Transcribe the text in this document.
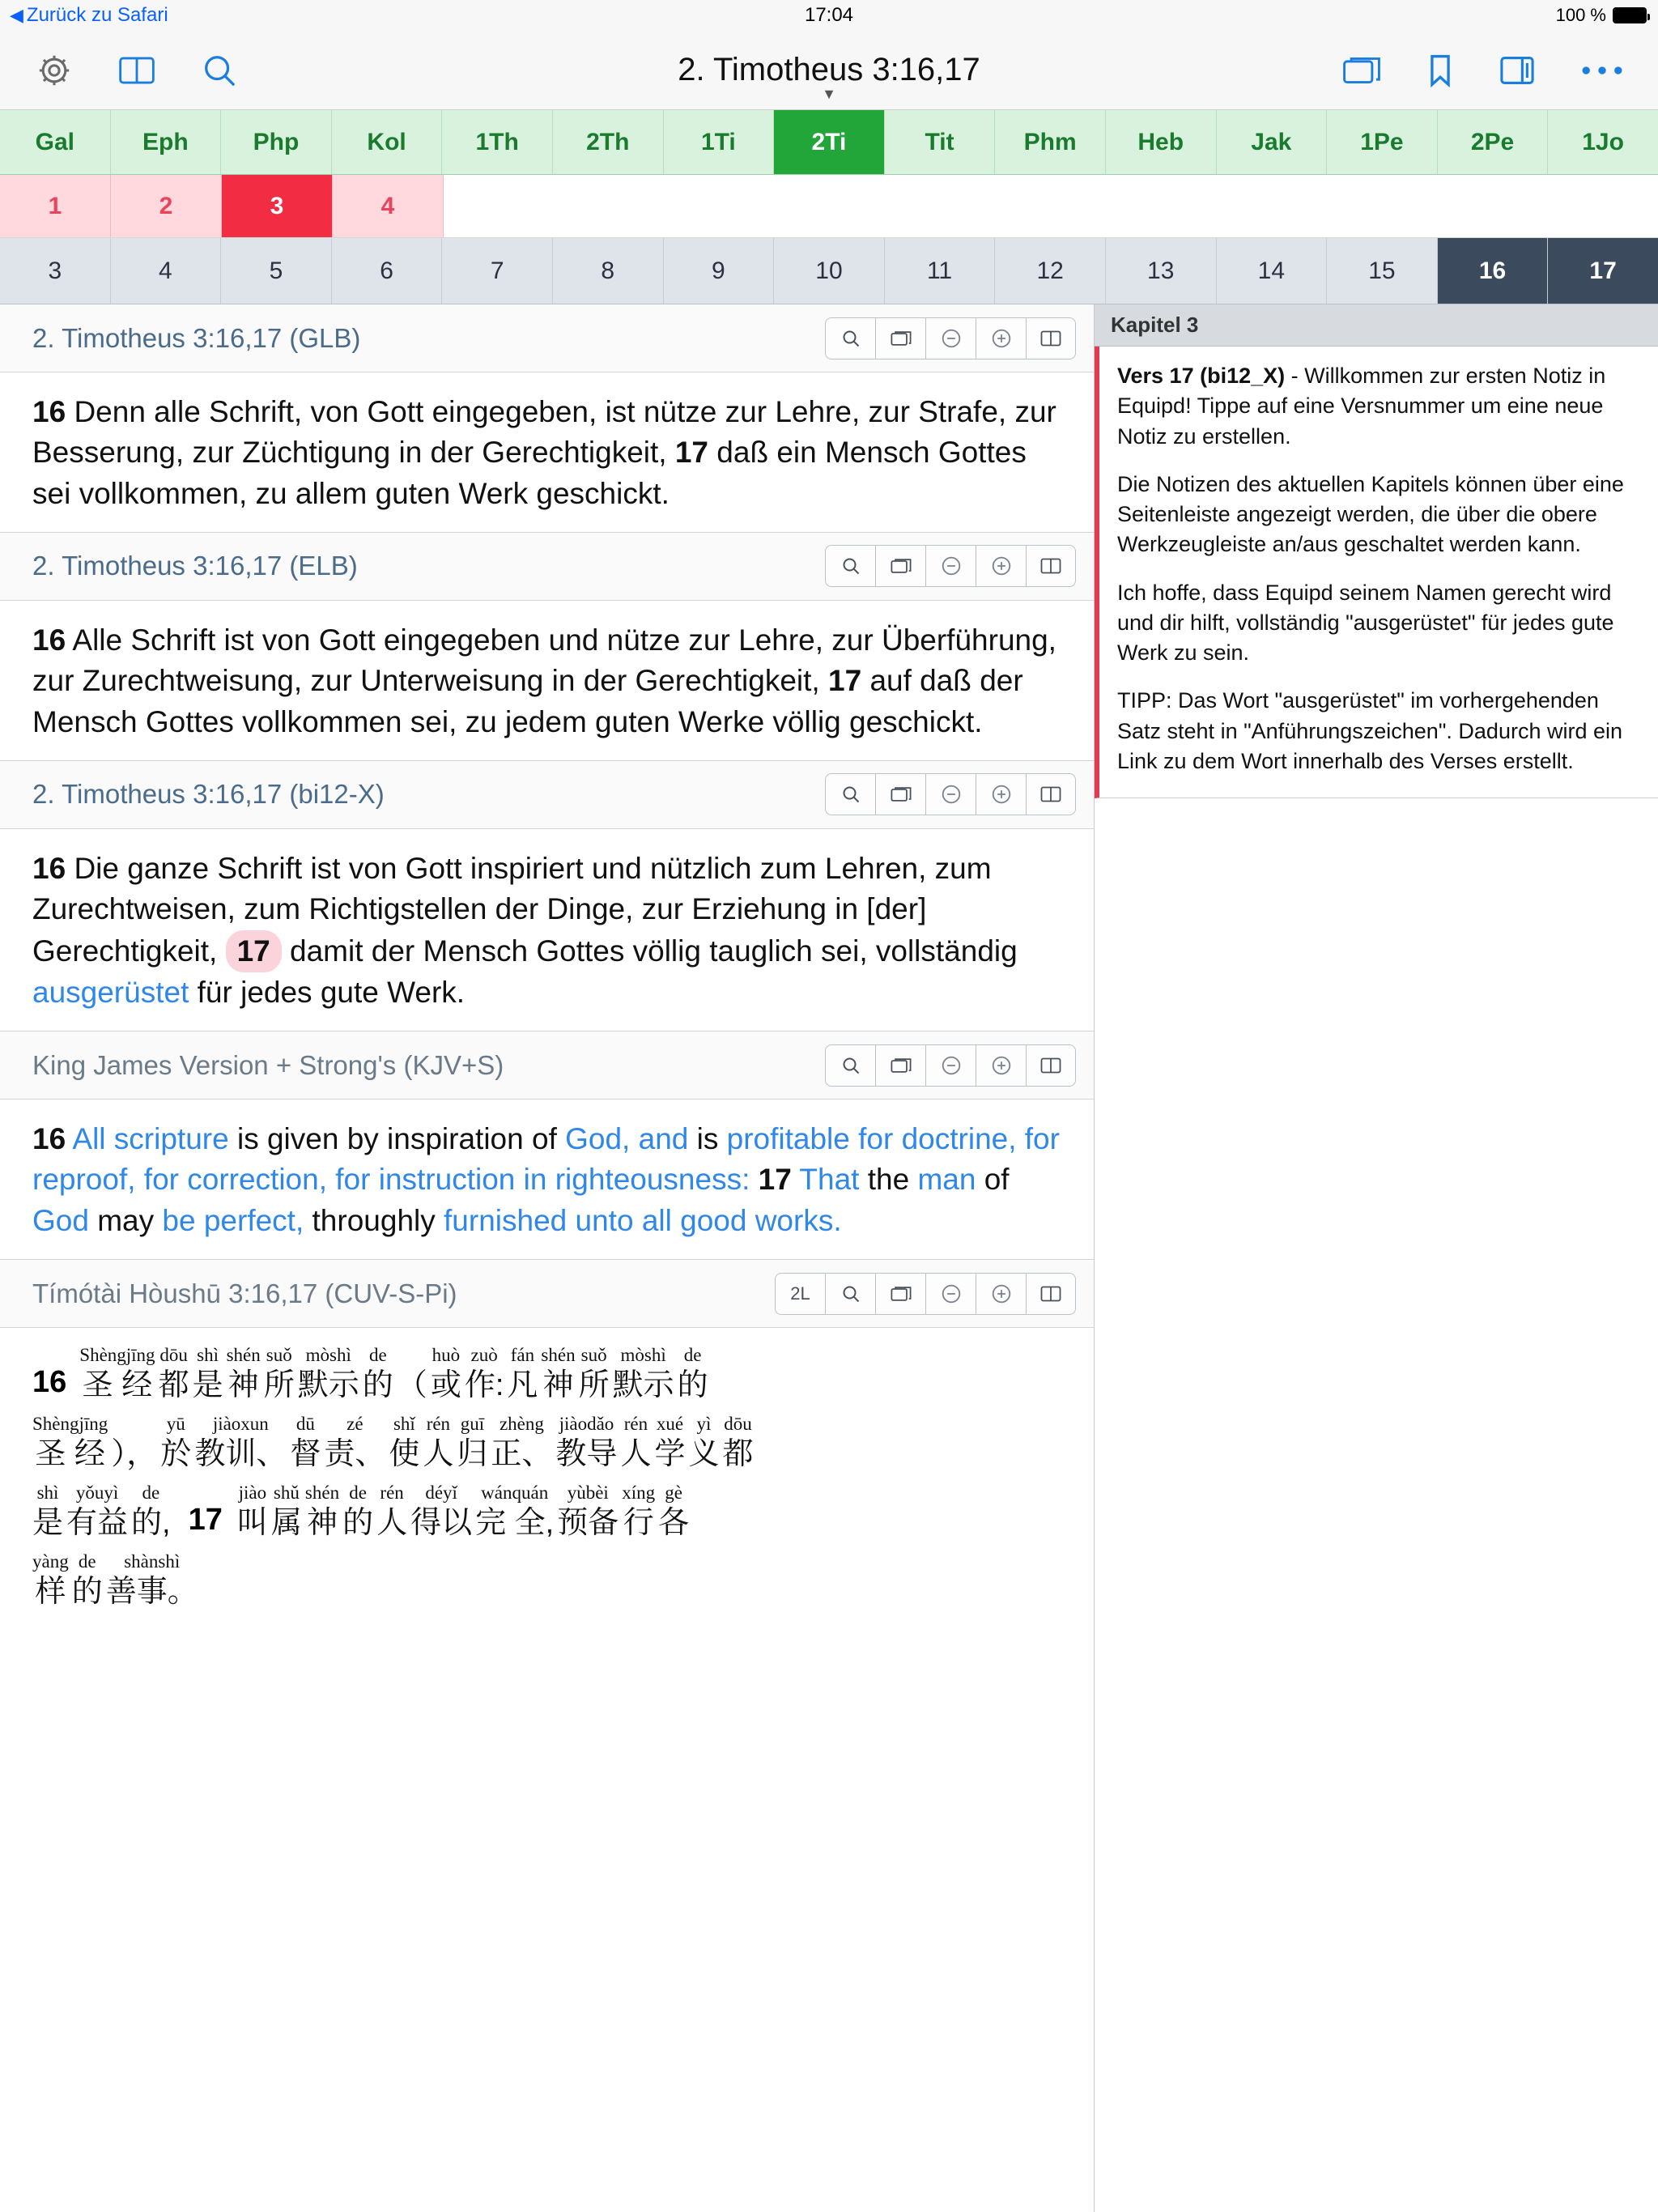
◀ Zurück zu Safari	17:04	100 %
2. Timotheus 3:16,17
▼
Gal	Eph	Php	Kol	1Th	2Th	1Ti	2Ti	Tit	Phm	Heb	Jak	1Pe	2Pe	1Jo
1	2	3	4
3	4	5	6	7	8	9	10	11	12	13	14	15	16	17
2. Timotheus 3:16,17 (GLB)
16 Denn alle Schrift, von Gott eingegeben, ist nütze zur Lehre, zur Strafe, zur Besserung, zur Züchtigung in der Gerechtigkeit, 17 daß ein Mensch Gottes sei vollkommen, zu allem guten Werk geschickt.
2. Timotheus 3:16,17 (ELB)
16 Alle Schrift ist von Gott eingegeben und nütze zur Lehre, zur Überführung, zur Zurechtweisung, zur Unterweisung in der Gerechtigkeit, 17 auf daß der Mensch Gottes vollkommen sei, zu jedem guten Werke völlig geschickt.
2. Timotheus 3:16,17 (bi12-X)
16 Die ganze Schrift ist von Gott inspiriert und nützlich zum Lehren, zum Zurechtweisen, zum Richtigstellen der Dinge, zur Erziehung in [der] Gerechtigkeit, 17 damit der Mensch Gottes völlig tauglich sei, vollständig ausgerüstet für jedes gute Werk.
King James Version + Strong's (KJV+S)
16 All scripture is given by inspiration of God, and is profitable for doctrine, for reproof, for correction, for instruction in righteousness: 17 That the man of God may be perfect, throughly furnished unto all good works.
Tímótài Hòushū 3:16,17 (CUV-S-Pi)	2L
16
Shèngjīng
圣 经
dōu
都
shì
是
shén
神
suǒ
所
mòshì
默示
de
的
（
huò
或
zuò
作:
fán
凡
shén
神
suǒ
所
mòshì
默示
de
的
Shèngjīng
圣 经
），
yū
於
jiàoxun
教训、
dū
督
zé
责、
shǐ
使
rén
人
guī
归
zhèng
正、
jiàodǎo
教导
rén
人
xué
学
yì
义
dōu
都
shì
是
yǒuyì
有益
de
的, 17
jiào
叫
shǔ
属
shén
神
de
的
rén
人
déyǐ
得以
wánquán
完 全,
yùbèi
预备
xíng
行
gè
各
yàng
样
de
的
shànshì
善事。
Kapitel 3
Vers 17 (bi12_X) - Willkommen zur ersten Notiz in Equipd! Tippe auf eine Versnummer um eine neue Notiz zu erstellen.
Die Notizen des aktuellen Kapitels können über eine Seitenleiste angezeigt werden, die über die obere Werkzeugleiste an/aus geschaltet werden kann.
Ich hoffe, dass Equipd seinem Namen gerecht wird und dir hilft, vollständig "ausgerüstet" für jedes gute Werk zu sein.
TIPP: Das Wort "ausgerüstet" im vorhergehenden Satz steht in "Anführungszeichen". Dadurch wird ein Link zu dem Wort innerhalb des Verses erstellt.
